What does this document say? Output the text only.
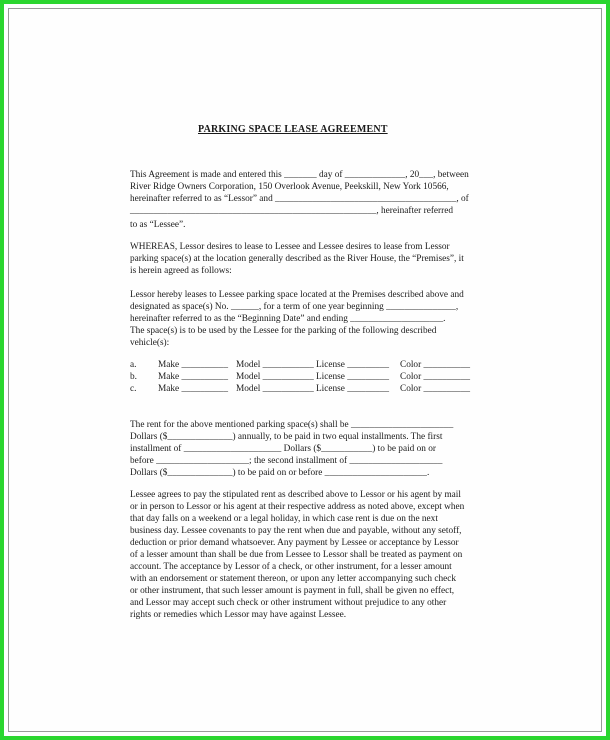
PARKING SPACE LEASE AGREEMENT
This Agreement is made and entered this _______ day of _____________, 20___, between
River Ridge Owners Corporation, 150 Overlook Avenue, Peekskill, New York 10566,
hereinafter referred to as “Lessor” and _______________________________________, of
_____________________________________________________, hereinafter referred
to as “Lessee”.
WHEREAS, Lessor desires to lease to Lessee and Lessee desires to lease from Lessor
parking space(s) at the location generally described as the River House, the “Premises”, it
is herein agreed as follows:
Lessor hereby leases to Lessee parking space located at the Premises described above and
designated as space(s) No. ______, for a term of one year beginning _______________,
hereinafter referred to as the “Beginning Date” and ending ____________________.
The space(s) is to be used by the Lessee for the parking of the following described
vehicle(s):
a. Make __________ Model ___________ License _________ Color __________
b. Make __________ Model ___________ License _________ Color __________
c. Make __________ Model ___________ License _________ Color __________
The rent for the above mentioned parking space(s) shall be ______________________
Dollars ($______________) annually, to be paid in two equal installments. The first
installment of _____________________ Dollars ($___________) to be paid on or
before ____________________; the second installment of ____________________
Dollars ($______________) to be paid on or before ______________________.
Lessee agrees to pay the stipulated rent as described above to Lessor or his agent by mail
or in person to Lessor or his agent at their respective address as noted above, except when
that day falls on a weekend or a legal holiday, in which case rent is due on the next
business day. Lessee covenants to pay the rent when due and payable, without any setoff,
deduction or prior demand whatsoever. Any payment by Lessee or acceptance by Lessor
of a lesser amount than shall be due from Lessee to Lessor shall be treated as payment on
account. The acceptance by Lessor of a check, or other instrument, for a lesser amount
with an endorsement or statement thereon, or upon any letter accompanying such check
or other instrument, that such lesser amount is payment in full, shall be given no effect,
and Lessor may accept such check or other instrument without prejudice to any other
rights or remedies which Lessor may have against Lessee.
